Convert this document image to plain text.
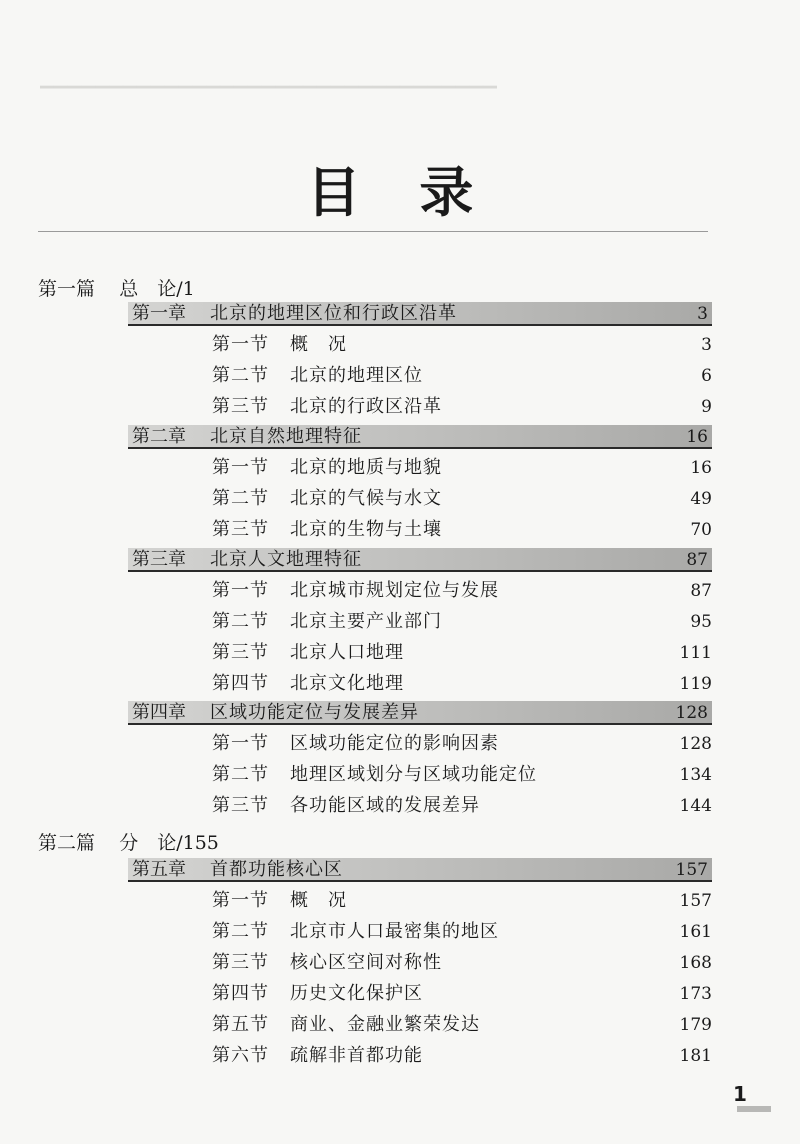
▁▁▁▁▁▁▁▁▁▁▁▁▁▁▁▁▁▁▁▁▁▁▁▁▁▁▁▁▁▁▁▁▁
目 录
第一篇 总　论/1
第一章 北京的地理区位和行政区沿革	3
第一节 概　况	3
第二节 北京的地理区位	6
第三节 北京的行政区沿革	9
第二章 北京自然地理特征	16
第一节 北京的地质与地貌	16
第二节 北京的气候与水文	49
第三节 北京的生物与土壤	70
第三章 北京人文地理特征	87
第一节 北京城市规划定位与发展	87
第二节 北京主要产业部门	95
第三节 北京人口地理	111
第四节 北京文化地理	119
第四章 区域功能定位与发展差异	128
第一节 区域功能定位的影响因素	128
第二节 地理区域划分与区域功能定位	134
第三节 各功能区域的发展差异	144
第二篇 分　论/155
第五章 首都功能核心区	157
第一节 概　况	157
第二节 北京市人口最密集的地区	161
第三节 核心区空间对称性	168
第四节 历史文化保护区	173
第五节 商业、金融业繁荣发达	179
第六节 疏解非首都功能	181
1
